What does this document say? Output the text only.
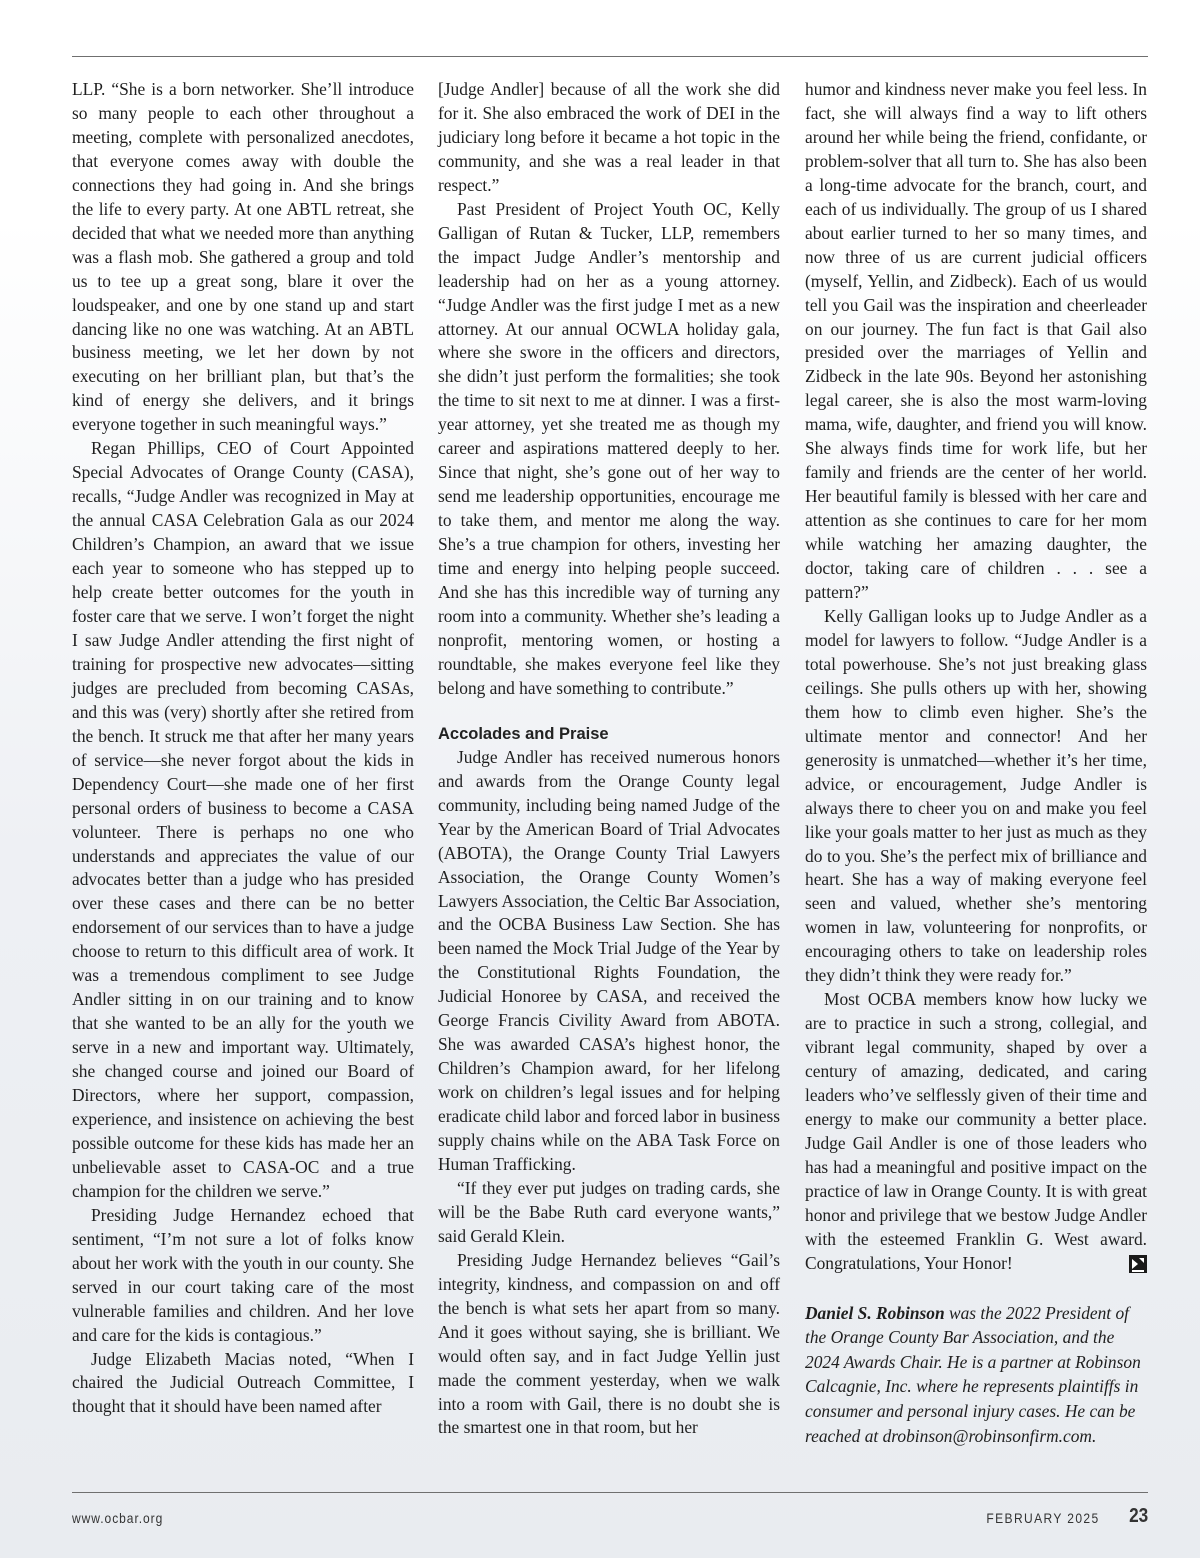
LLP. “She is a born networker. She’ll introduce so many people to each other throughout a meeting, complete with personalized anecdotes, that everyone comes away with double the connections they had going in. And she brings the life to every party. At one ABTL retreat, she decided that what we needed more than anything was a flash mob. She gathered a group and told us to tee up a great song, blare it over the loudspeaker, and one by one stand up and start dancing like no one was watching. At an ABTL business meeting, we let her down by not executing on her brilliant plan, but that’s the kind of energy she delivers, and it brings everyone together in such meaningful ways.”

Regan Phillips, CEO of Court Appointed Special Advocates of Orange County (CASA), recalls, “Judge Andler was recognized in May at the annual CASA Celebration Gala as our 2024 Children’s Champion, an award that we issue each year to someone who has stepped up to help create better outcomes for the youth in foster care that we serve. I won’t forget the night I saw Judge Andler attending the first night of training for prospective new advocates—sitting judges are precluded from becoming CASAs, and this was (very) shortly after she retired from the bench. It struck me that after her many years of service—she never forgot about the kids in Dependency Court—she made one of her first personal orders of business to become a CASA volunteer. There is perhaps no one who understands and appreciates the value of our advocates better than a judge who has presided over these cases and there can be no better endorsement of our services than to have a judge choose to return to this difficult area of work. It was a tremendous compliment to see Judge Andler sitting in on our training and to know that she wanted to be an ally for the youth we serve in a new and important way. Ultimately, she changed course and joined our Board of Directors, where her support, compassion, experience, and insistence on achieving the best possible outcome for these kids has made her an unbelievable asset to CASA-OC and a true champion for the children we serve.”

Presiding Judge Hernandez echoed that sentiment, “I’m not sure a lot of folks know about her work with the youth in our county. She served in our court taking care of the most vulnerable families and children. And her love and care for the kids is contagious.”

Judge Elizabeth Macias noted, “When I chaired the Judicial Outreach Committee, I thought that it should have been named after

[Judge Andler] because of all the work she did for it. She also embraced the work of DEI in the judiciary long before it became a hot topic in the community, and she was a real leader in that respect.”

Past President of Project Youth OC, Kelly Galligan of Rutan & Tucker, LLP, remembers the impact Judge Andler’s mentorship and leadership had on her as a young attorney. “Judge Andler was the first judge I met as a new attorney. At our annual OCWLA holiday gala, where she swore in the officers and directors, she didn’t just perform the formalities; she took the time to sit next to me at dinner. I was a first-year attorney, yet she treated me as though my career and aspirations mattered deeply to her. Since that night, she’s gone out of her way to send me leadership opportunities, encourage me to take them, and mentor me along the way. She’s a true champion for others, investing her time and energy into helping people succeed. And she has this incredible way of turning any room into a community. Whether she’s leading a nonprofit, mentoring women, or hosting a roundtable, she makes everyone feel like they belong and have something to contribute.”

Accolades and Praise

Judge Andler has received numerous honors and awards from the Orange County legal community, including being named Judge of the Year by the American Board of Trial Advocates (ABOTA), the Orange County Trial Lawyers Association, the Orange County Women’s Lawyers Association, the Celtic Bar Association, and the OCBA Business Law Section. She has been named the Mock Trial Judge of the Year by the Constitutional Rights Foundation, the Judicial Honoree by CASA, and received the George Francis Civility Award from ABOTA. She was awarded CASA’s highest honor, the Children’s Champion award, for her lifelong work on children’s legal issues and for helping eradicate child labor and forced labor in business supply chains while on the ABA Task Force on Human Trafficking.

“If they ever put judges on trading cards, she will be the Babe Ruth card everyone wants,” said Gerald Klein.

Presiding Judge Hernandez believes “Gail’s integrity, kindness, and compassion on and off the bench is what sets her apart from so many. And it goes without saying, she is brilliant. We would often say, and in fact Judge Yellin just made the comment yesterday, when we walk into a room with Gail, there is no doubt she is the smartest one in that room, but her

humor and kindness never make you feel less. In fact, she will always find a way to lift others around her while being the friend, confidante, or problem-solver that all turn to. She has also been a long-time advocate for the branch, court, and each of us individually. The group of us I shared about earlier turned to her so many times, and now three of us are current judicial officers (myself, Yellin, and Zidbeck). Each of us would tell you Gail was the inspiration and cheerleader on our journey. The fun fact is that Gail also presided over the marriages of Yellin and Zidbeck in the late 90s. Beyond her astonishing legal career, she is also the most warm-loving mama, wife, daughter, and friend you will know. She always finds time for work life, but her family and friends are the center of her world. Her beautiful family is blessed with her care and attention as she continues to care for her mom while watching her amazing daughter, the doctor, taking care of children . . . see a pattern?”

Kelly Galligan looks up to Judge Andler as a model for lawyers to follow. “Judge Andler is a total powerhouse. She’s not just breaking glass ceilings. She pulls others up with her, showing them how to climb even higher. She’s the ultimate mentor and connector! And her generosity is unmatched—whether it’s her time, advice, or encouragement, Judge Andler is always there to cheer you on and make you feel like your goals matter to her just as much as they do to you. She’s the perfect mix of brilliance and heart. She has a way of making everyone feel seen and valued, whether she’s mentoring women in law, volunteering for nonprofits, or encouraging others to take on leadership roles they didn’t think they were ready for.”

Most OCBA members know how lucky we are to practice in such a strong, collegial, and vibrant legal community, shaped by over a century of amazing, dedicated, and caring leaders who’ve selflessly given of their time and energy to make our community a better place. Judge Gail Andler is one of those leaders who has had a meaningful and positive impact on the practice of law in Orange County. It is with great honor and privilege that we bestow Judge Andler with the esteemed Franklin G. West award. Congratulations, Your Honor!

Daniel S. Robinson was the 2022 President of the Orange County Bar Association, and the 2024 Awards Chair. He is a partner at Robinson Calcagnie, Inc. where he represents plaintiffs in consumer and personal injury cases. He can be reached at drobinson@robinsonfirm.com.

www.ocbar.org	FEBRUARY 2025 23
